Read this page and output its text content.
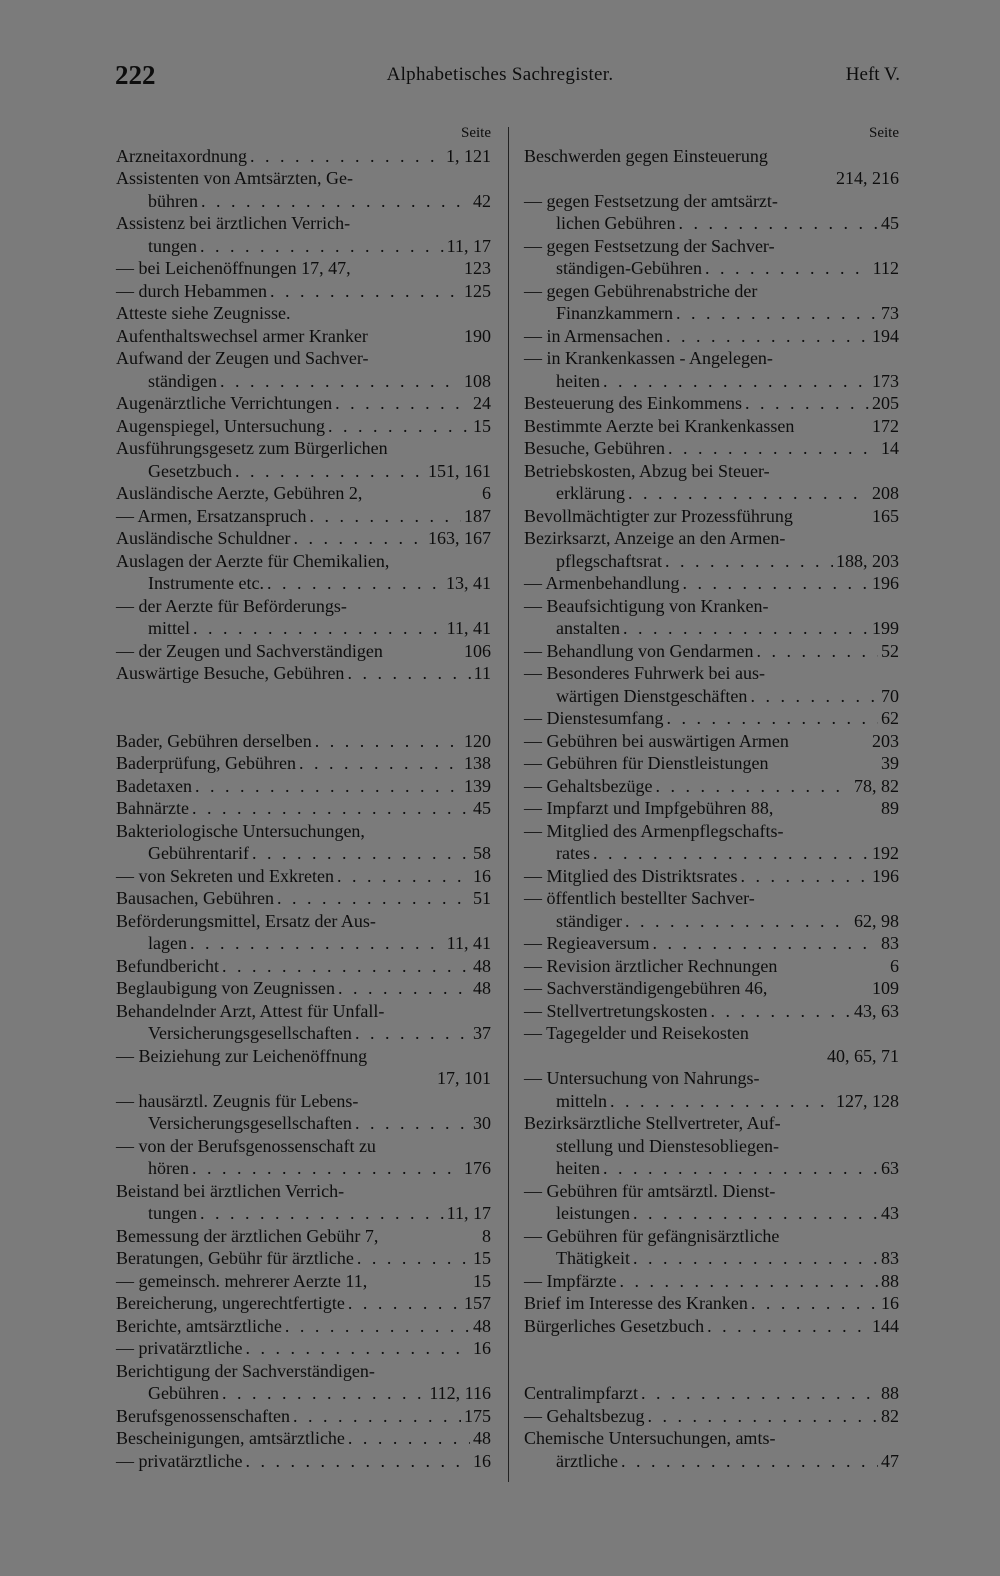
222	Alphabetisches Sachregister.	Heft V.
Seite
Arzneitaxordnung . . .	1, 121
Assistenten von Amtsärzten, Ge-
bühren . . .	42
Assistenz bei ärztlichen Verrich-
tungen . . .	11, 17
— bei Leichenöffnungen 17, 47,	123
— durch Hebammen . . .	125
Atteste siehe Zeugnisse.
Aufenthaltswechsel armer Kranker	190
Aufwand der Zeugen und Sachver-
ständigen . . .	108
Augenärztliche Verrichtungen . . .	24
Augenspiegel, Untersuchung . . .	15
Ausführungsgesetz zum Bürgerlichen
Gesetzbuch . . .	151, 161
Ausländische Aerzte, Gebühren 2,	6
— Armen, Ersatzanspruch . . .	187
Ausländische Schuldner . . .	163, 167
Auslagen der Aerzte für Chemikalien,
Instrumente etc. . . .	13, 41
— der Aerzte für Beförderungs-
mittel . . .	11, 41
— der Zeugen und Sachverständigen	106
Auswärtige Besuche, Gebühren . . .	11
Bader, Gebühren derselben . . .	120
Baderprüfung, Gebühren . . .	138
Badetaxen . . .	139
Bahnärzte . . .	45
Bakteriologische Untersuchungen,
Gebührentarif . . .	58
— von Sekreten und Exkreten . . .	16
Bausachen, Gebühren . . .	51
Beförderungsmittel, Ersatz der Aus-
lagen . . .	11, 41
Befundbericht . . .	48
Beglaubigung von Zeugnissen . . .	48
Behandelnder Arzt, Attest für Unfall-
Versicherungsgesellschaften . . .	37
— Beiziehung zur Leichenöffnung
17, 101
— hausärztl. Zeugnis für Lebens-
Versicherungsgesellschaften . . .	30
— von der Berufsgenossenschaft zu
hören . . .	176
Beistand bei ärztlichen Verrich-
tungen . . .	11, 17
Bemessung der ärztlichen Gebühr 7,	8
Beratungen, Gebühr für ärztliche . . .	15
— gemeinsch. mehrerer Aerzte 11,	15
Bereicherung, ungerechtfertigte . . .	157
Berichte, amtsärztliche . . .	48
— privatärztliche . . .	16
Berichtigung der Sachverständigen-
Gebühren . . .	112, 116
Berufsgenossenschaften . . .	175
Bescheinigungen, amtsärztliche . . .	48
— privatärztliche . . .	16
Seite
Beschwerden gegen Einsteuerung
214, 216
— gegen Festsetzung der amtsärzt-
lichen Gebühren . . .	45
— gegen Festsetzung der Sachver-
ständigen-Gebühren . . .	112
— gegen Gebührenabstriche der
Finanzkammern . . .	73
— in Armensachen . . .	194
— in Krankenkassen - Angelegen-
heiten . . .	173
Besteuerung des Einkommens . . .	205
Bestimmte Aerzte bei Krankenkassen	172
Besuche, Gebühren . . .	14
Betriebskosten, Abzug bei Steuer-
erklärung . . .	208
Bevollmächtigter zur Prozessführung	165
Bezirksarzt, Anzeige an den Armen-
pflegschaftsrat . . .	188, 203
— Armenbehandlung . . .	196
— Beaufsichtigung von Kranken-
anstalten . . .	199
— Behandlung von Gendarmen . . .	52
— Besonderes Fuhrwerk bei aus-
wärtigen Dienstgeschäften . . .	70
— Dienstesumfang . . .	62
— Gebühren bei auswärtigen Armen	203
— Gebühren für Dienstleistungen	39
— Gehaltsbezüge . . .	78, 82
— Impfarzt und Impfgebühren 88,	89
— Mitglied des Armenpflegschafts-
rates . . .	192
— Mitglied des Distriktsrates . . .	196
— öffentlich bestellter Sachver-
ständiger . . .	62, 98
— Regieaversum . . .	83
— Revision ärztlicher Rechnungen	6
— Sachverständigengebühren 46,	109
— Stellvertretungskosten . . .	43, 63
— Tagegelder und Reisekosten
40, 65, 71
— Untersuchung von Nahrungs-
mitteln . . .	127, 128
Bezirksärztliche Stellvertreter, Auf-
stellung und Dienstesobliegen-
heiten . . .	63
— Gebühren für amtsärztl. Dienst-
leistungen . . .	43
— Gebühren für gefängnisärztliche
Thätigkeit . . .	83
— Impfärzte . . .	88
Brief im Interesse des Kranken . . .	16
Bürgerliches Gesetzbuch . . .	144
Centralimpfarzt . . .	88
— Gehaltsbezug . . .	82
Chemische Untersuchungen, amts-
ärztliche . . .	47
